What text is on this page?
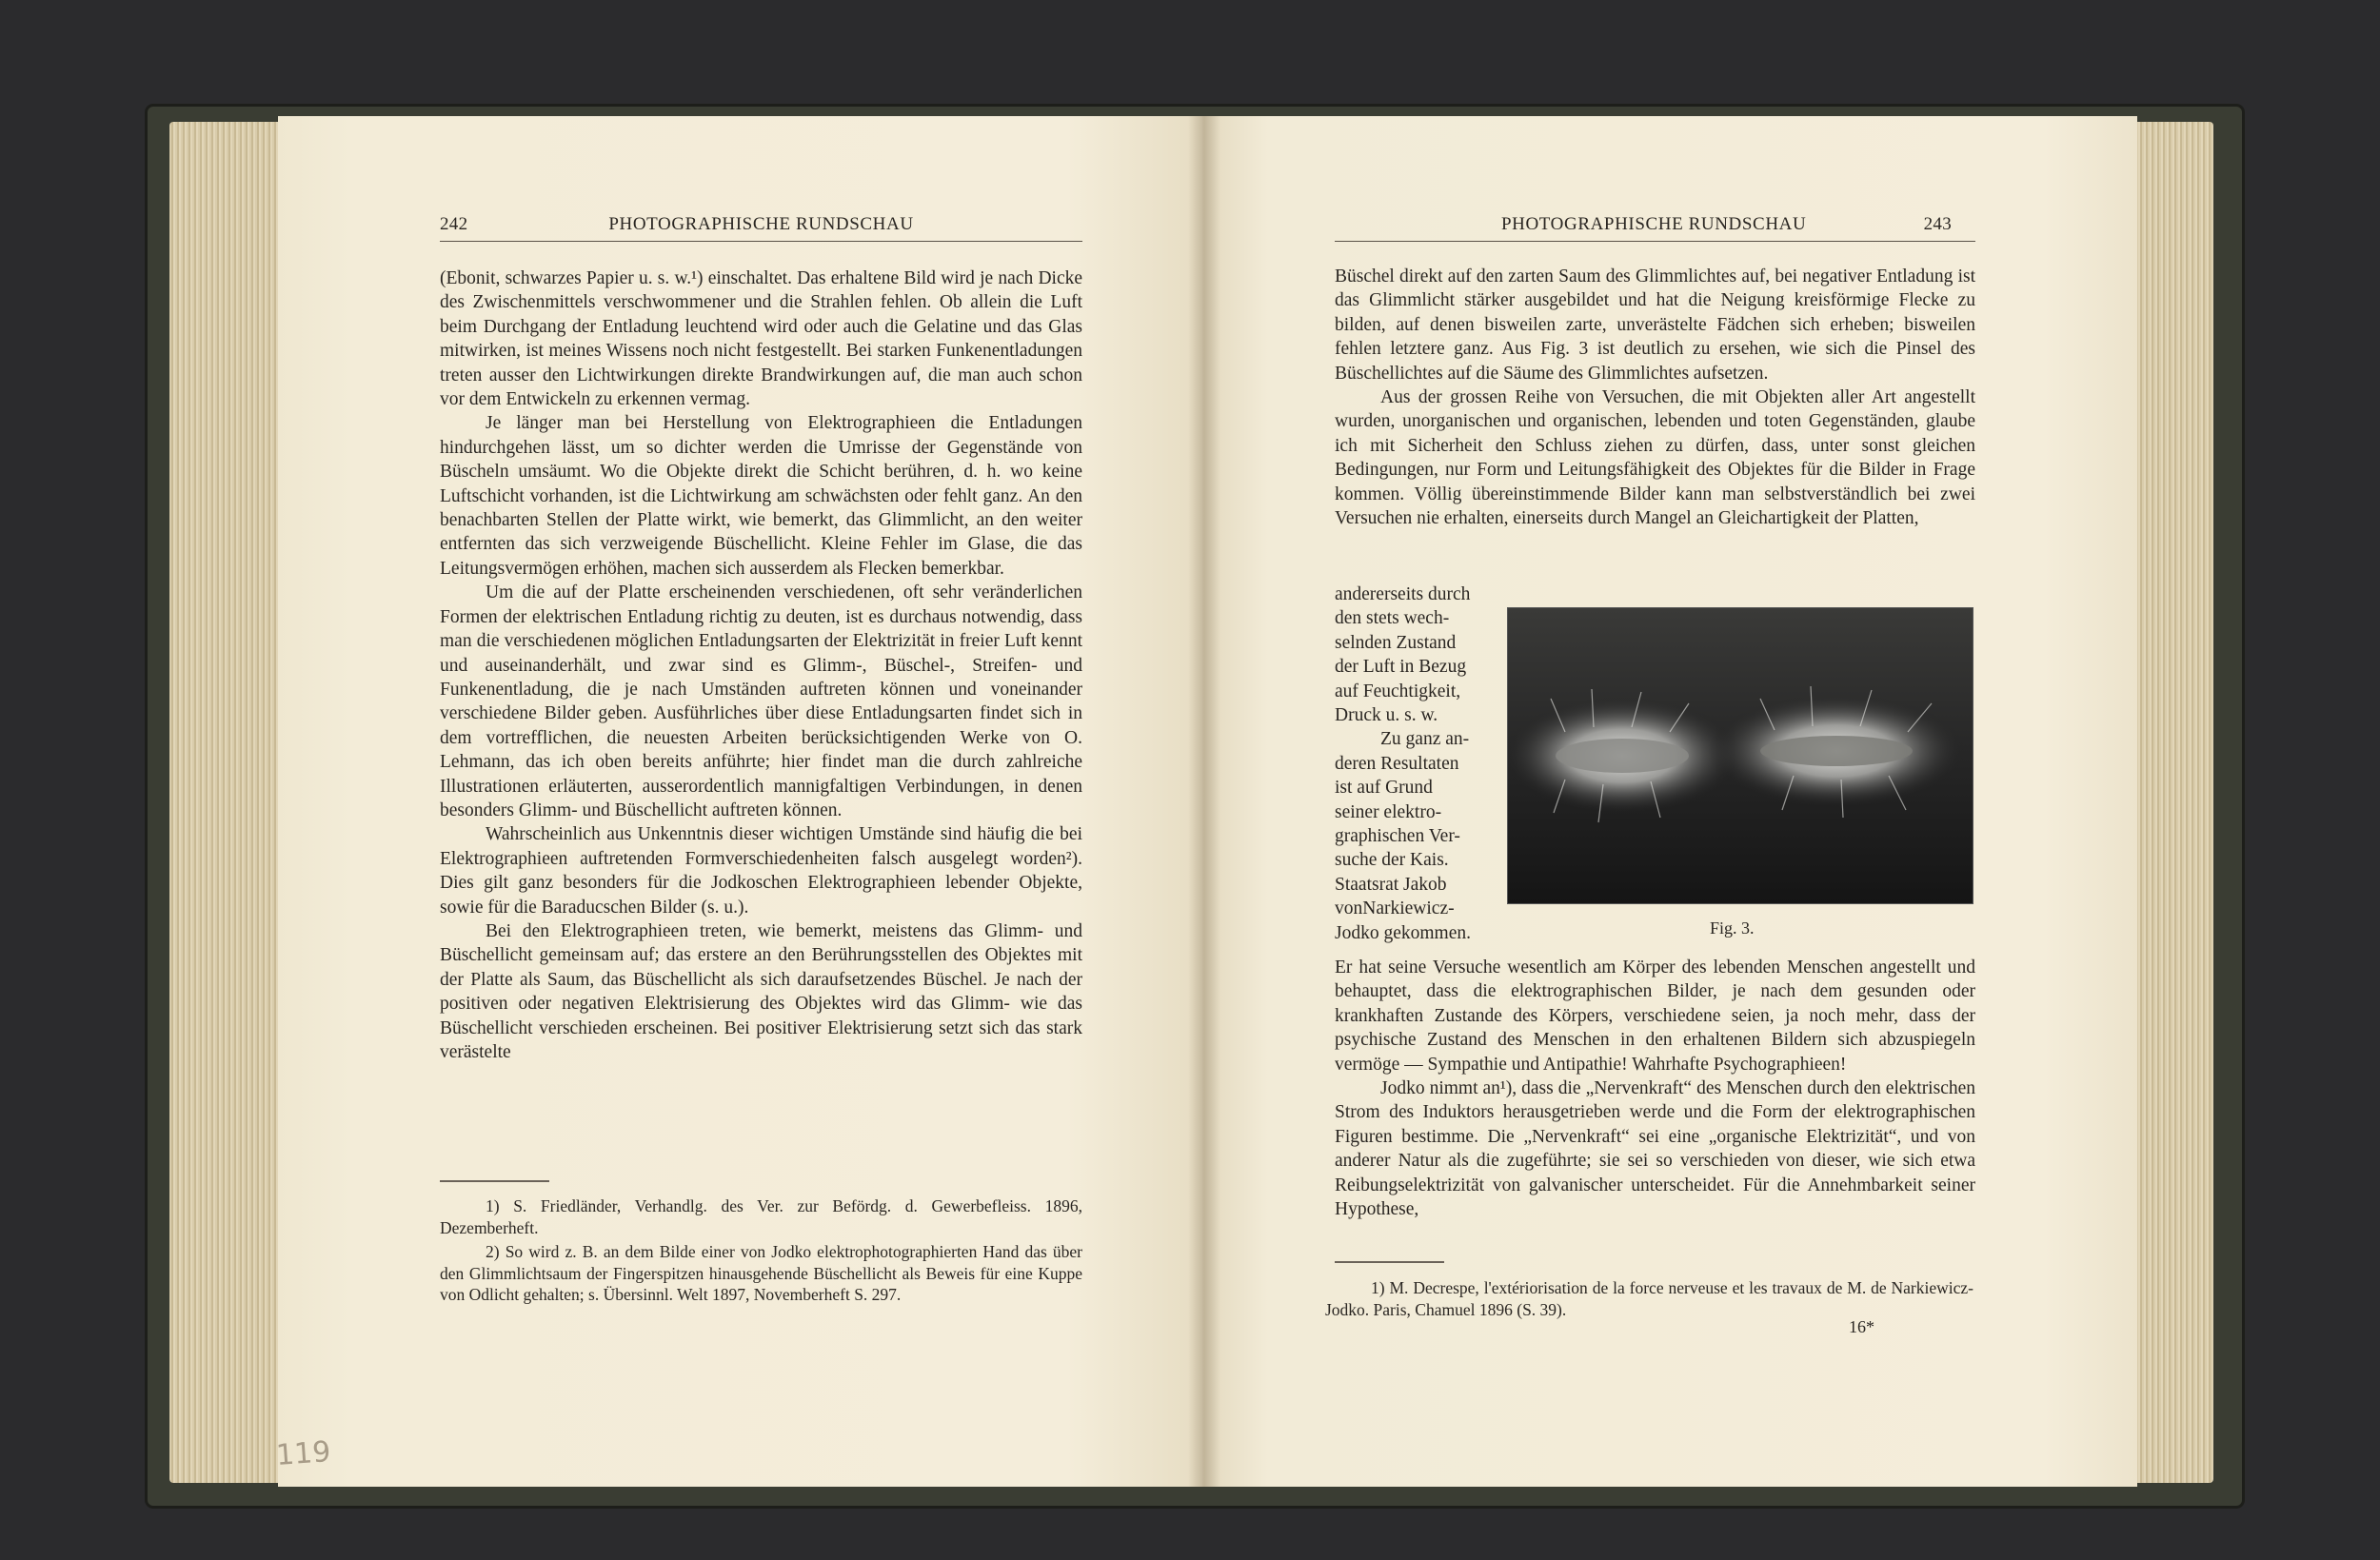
PHOTOGRAPHISCHE RUNDSCHAU
242	PHOTOGRAPHISCHE RUNDSCHAU	243

(Ebonit, schwarzes Papier u. s. w.¹) einschaltet. Das erhaltene Bild wird je nach Dicke des Zwischenmittels verschwommener und die Strahlen fehlen. Ob allein die Luft beim Durchgang der Entladung leuchtend wird oder auch die Gelatine und das Glas mitwirken, ist meines Wissens noch nicht festgestellt. Bei starken Funkenentladungen treten ausser den Lichtwirkungen direkte Brandwirkungen auf, die man auch schon vor dem Entwickeln zu erkennen vermag.

Je länger man bei Herstellung von Elektrographieen die Entladungen hindurchgehen lässt, um so dichter werden die Umrisse der Gegenstände von Büscheln umsäumt. Wo die Objekte direkt die Schicht berühren, d. h. wo keine Luftschicht vorhanden, ist die Lichtwirkung am schwächsten oder fehlt ganz. An den benachbarten Stellen der Platte wirkt, wie bemerkt, das Glimmlicht, an den weiter entfernten das sich verzweigende Büschellicht. Kleine Fehler im Glase, die das Leitungsvermögen erhöhen, machen sich ausserdem als Flecken bemerkbar.

Um die auf der Platte erscheinenden verschiedenen, oft sehr veränderlichen Formen der elektrischen Entladung richtig zu deuten, ist es durchaus notwendig, dass man die verschiedenen möglichen Entladungsarten der Elektrizität in freier Luft kennt und auseinanderhält, und zwar sind es Glimm-, Büschel-, Streifen- und Funkenentladung, die je nach Umständen auftreten können und voneinander verschiedene Bilder geben. Ausführliches über diese Entladungsarten findet sich in dem vortrefflichen, die neuesten Arbeiten berücksichtigenden Werke von O. Lehmann, das ich oben bereits anführte; hier findet man die durch zahlreiche Illustrationen erläuterten, ausserordentlich mannigfaltigen Verbindungen, in denen besonders Glimm- und Büschellicht auftreten können.

Wahrscheinlich aus Unkenntnis dieser wichtigen Umstände sind häufig die bei Elektrographieen auftretenden Formverschiedenheiten falsch ausgelegt worden²). Dies gilt ganz besonders für die Jodkoschen Elektrographieen lebender Objekte, sowie für die Baraducschen Bilder (s. u.).

Bei den Elektrographieen treten, wie bemerkt, meistens das Glimm- und Büschellicht gemeinsam auf; das erstere an den Berührungsstellen des Objektes mit der Platte als Saum, das Büschellicht als sich daraufsetzendes Büschel. Je nach der positiven oder negativen Elektrisierung des Objektes wird das Glimm- wie das Büschellicht verschieden erscheinen. Bei positiver Elektrisierung setzt sich das stark verästelte

1) S. Friedländer, Verhandlg. des Ver. zur Befördg. d. Gewerbefleiss. 1896, Dezemberheft.

2) So wird z. B. an dem Bilde einer von Jodko elektrophotographierten Hand das über den Glimmlichtsaum der Fingerspitzen hinausgehende Büschellicht als Beweis für eine Kuppe von Odlicht gehalten; s. Übersinnl. Welt 1897, Novemberheft S. 297.

119

Büschel direkt auf den zarten Saum des Glimmlichtes auf, bei negativer Entladung ist das Glimmlicht stärker ausgebildet und hat die Neigung kreisförmige Flecke zu bilden, auf denen bisweilen zarte, unverästelte Fädchen sich erheben; bisweilen fehlen letztere ganz. Aus Fig. 3 ist deutlich zu ersehen, wie sich die Pinsel des Büschellichtes auf die Säume des Glimmlichtes aufsetzen.

Aus der grossen Reihe von Versuchen, die mit Objekten aller Art angestellt wurden, unorganischen und organischen, lebenden und toten Gegenständen, glaube ich mit Sicherheit den Schluss ziehen zu dürfen, dass, unter sonst gleichen Bedingungen, nur Form und Leitungsfähigkeit des Objektes für die Bilder in Frage kommen. Völlig übereinstimmende Bilder kann man selbstverständlich bei zwei Versuchen nie erhalten, einerseits durch Mangel an Gleichartigkeit der Platten,

andererseits durch
den stets wech-
selnden Zustand
der Luft in Bezug
auf Feuchtigkeit,
Druck u. s. w.
Zu ganz an-
deren Resultaten
ist auf Grund
seiner elektro-
graphischen Ver-
suche der Kais.
Staatsrat Jakob
vonNarkiewicz-
Jodko gekommen.	Fig. 3.

Er hat seine Versuche wesentlich am Körper des lebenden Menschen angestellt und behauptet, dass die elektrographischen Bilder, je nach dem gesunden oder krankhaften Zustande des Körpers, verschiedene seien, ja noch mehr, dass der psychische Zustand des Menschen in den erhaltenen Bildern sich abzuspiegeln vermöge — Sympathie und Antipathie! Wahrhafte Psychographieen!

Jodko nimmt an¹), dass die „Nervenkraft“ des Menschen durch den elektrischen Strom des Induktors herausgetrieben werde und die Form der elektrographischen Figuren bestimme. Die „Nervenkraft“ sei eine „organische Elektrizität“, und von anderer Natur als die zugeführte; sie sei so verschieden von dieser, wie sich etwa Reibungselektrizität von galvanischer unterscheidet. Für die Annehmbarkeit seiner Hypothese,

1) M. Decrespe, l'extériorisation de la force nerveuse et les travaux de M. de Narkiewicz-Jodko. Paris, Chamuel 1896 (S. 39).

16*
